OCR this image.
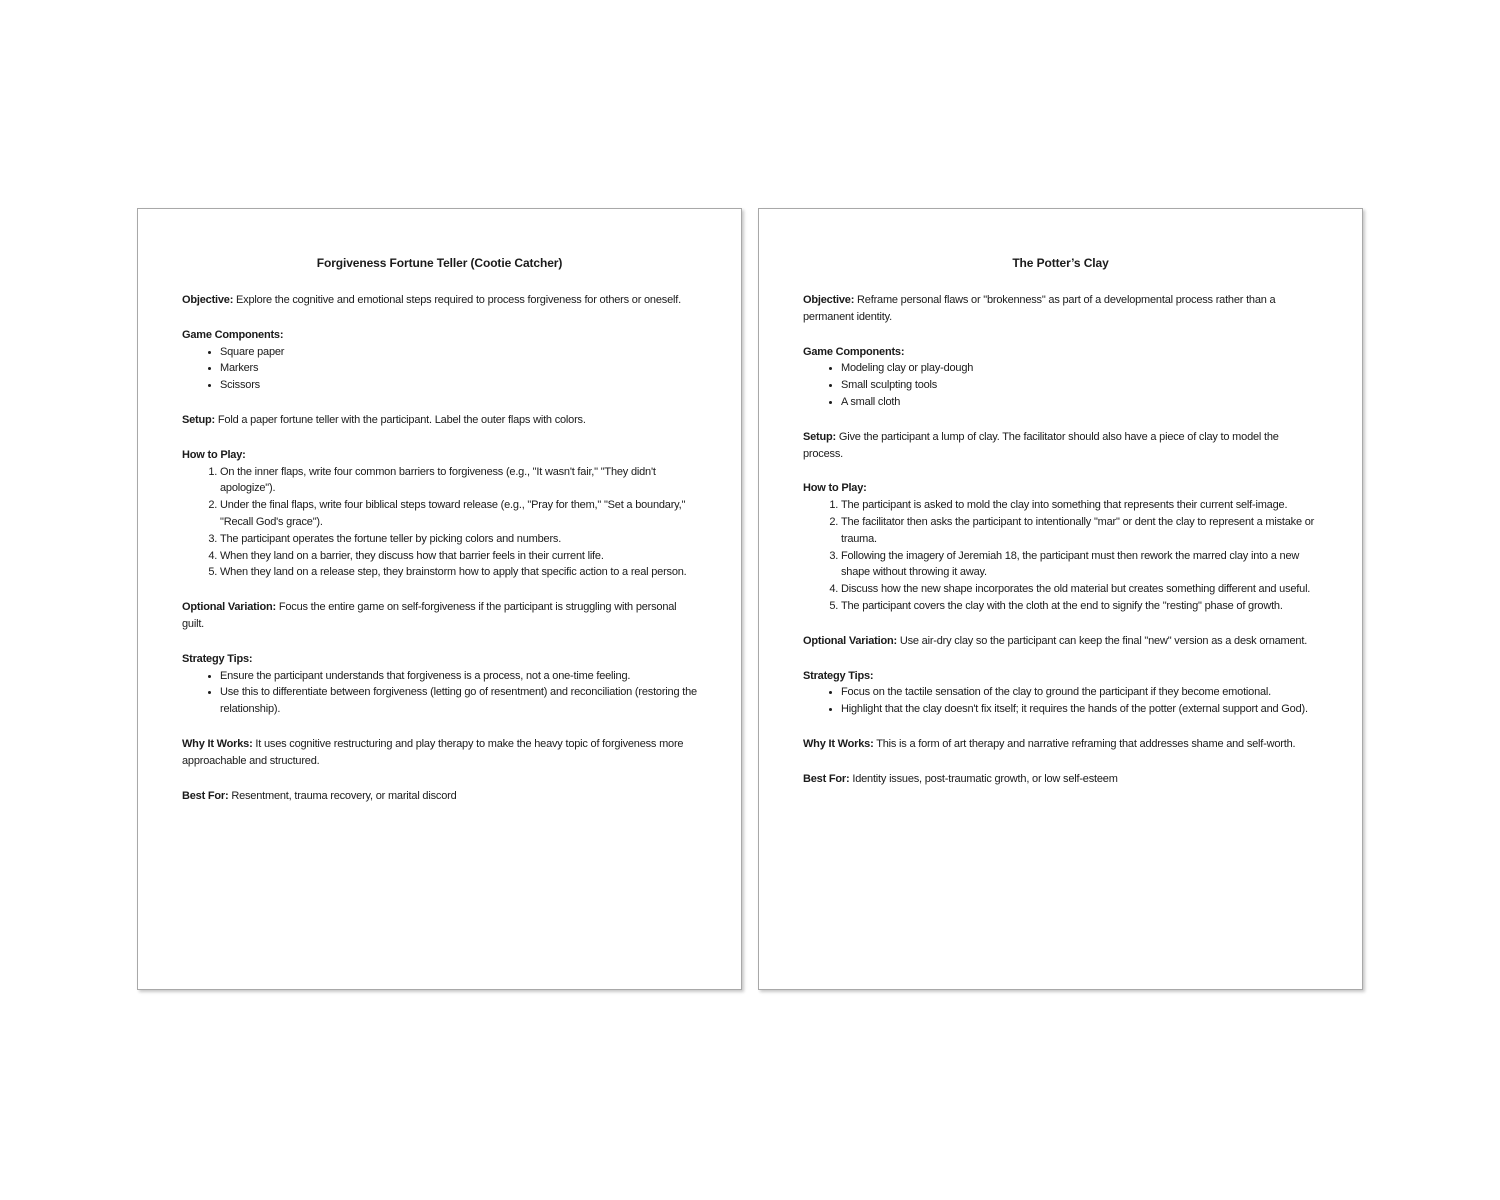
Forgiveness Fortune Teller (Cootie Catcher)

Objective: Explore the cognitive and emotional steps required to process forgiveness for others or oneself.

Game Components:
• Square paper
• Markers
• Scissors

Setup: Fold a paper fortune teller with the participant. Label the outer flaps with colors.

How to Play:
1. On the inner flaps, write four common barriers to forgiveness (e.g., "It wasn't fair," "They didn't apologize").
2. Under the final flaps, write four biblical steps toward release (e.g., "Pray for them," "Set a boundary," "Recall God's grace").
3. The participant operates the fortune teller by picking colors and numbers.
4. When they land on a barrier, they discuss how that barrier feels in their current life.
5. When they land on a release step, they brainstorm how to apply that specific action to a real person.

Optional Variation: Focus the entire game on self-forgiveness if the participant is struggling with personal guilt.

Strategy Tips:
• Ensure the participant understands that forgiveness is a process, not a one-time feeling.
• Use this to differentiate between forgiveness (letting go of resentment) and reconciliation (restoring the relationship).

Why It Works: It uses cognitive restructuring and play therapy to make the heavy topic of forgiveness more approachable and structured.

Best For: Resentment, trauma recovery, or marital discord

The Potter’s Clay

Objective: Reframe personal flaws or "brokenness" as part of a developmental process rather than a permanent identity.

Game Components:
• Modeling clay or play-dough
• Small sculpting tools
• A small cloth

Setup: Give the participant a lump of clay. The facilitator should also have a piece of clay to model the process.

How to Play:
1. The participant is asked to mold the clay into something that represents their current self-image.
2. The facilitator then asks the participant to intentionally "mar" or dent the clay to represent a mistake or trauma.
3. Following the imagery of Jeremiah 18, the participant must then rework the marred clay into a new shape without throwing it away.
4. Discuss how the new shape incorporates the old material but creates something different and useful.
5. The participant covers the clay with the cloth at the end to signify the "resting" phase of growth.

Optional Variation: Use air-dry clay so the participant can keep the final "new" version as a desk ornament.

Strategy Tips:
• Focus on the tactile sensation of the clay to ground the participant if they become emotional.
• Highlight that the clay doesn't fix itself; it requires the hands of the potter (external support and God).

Why It Works: This is a form of art therapy and narrative reframing that addresses shame and self-worth.

Best For: Identity issues, post-traumatic growth, or low self-esteem
